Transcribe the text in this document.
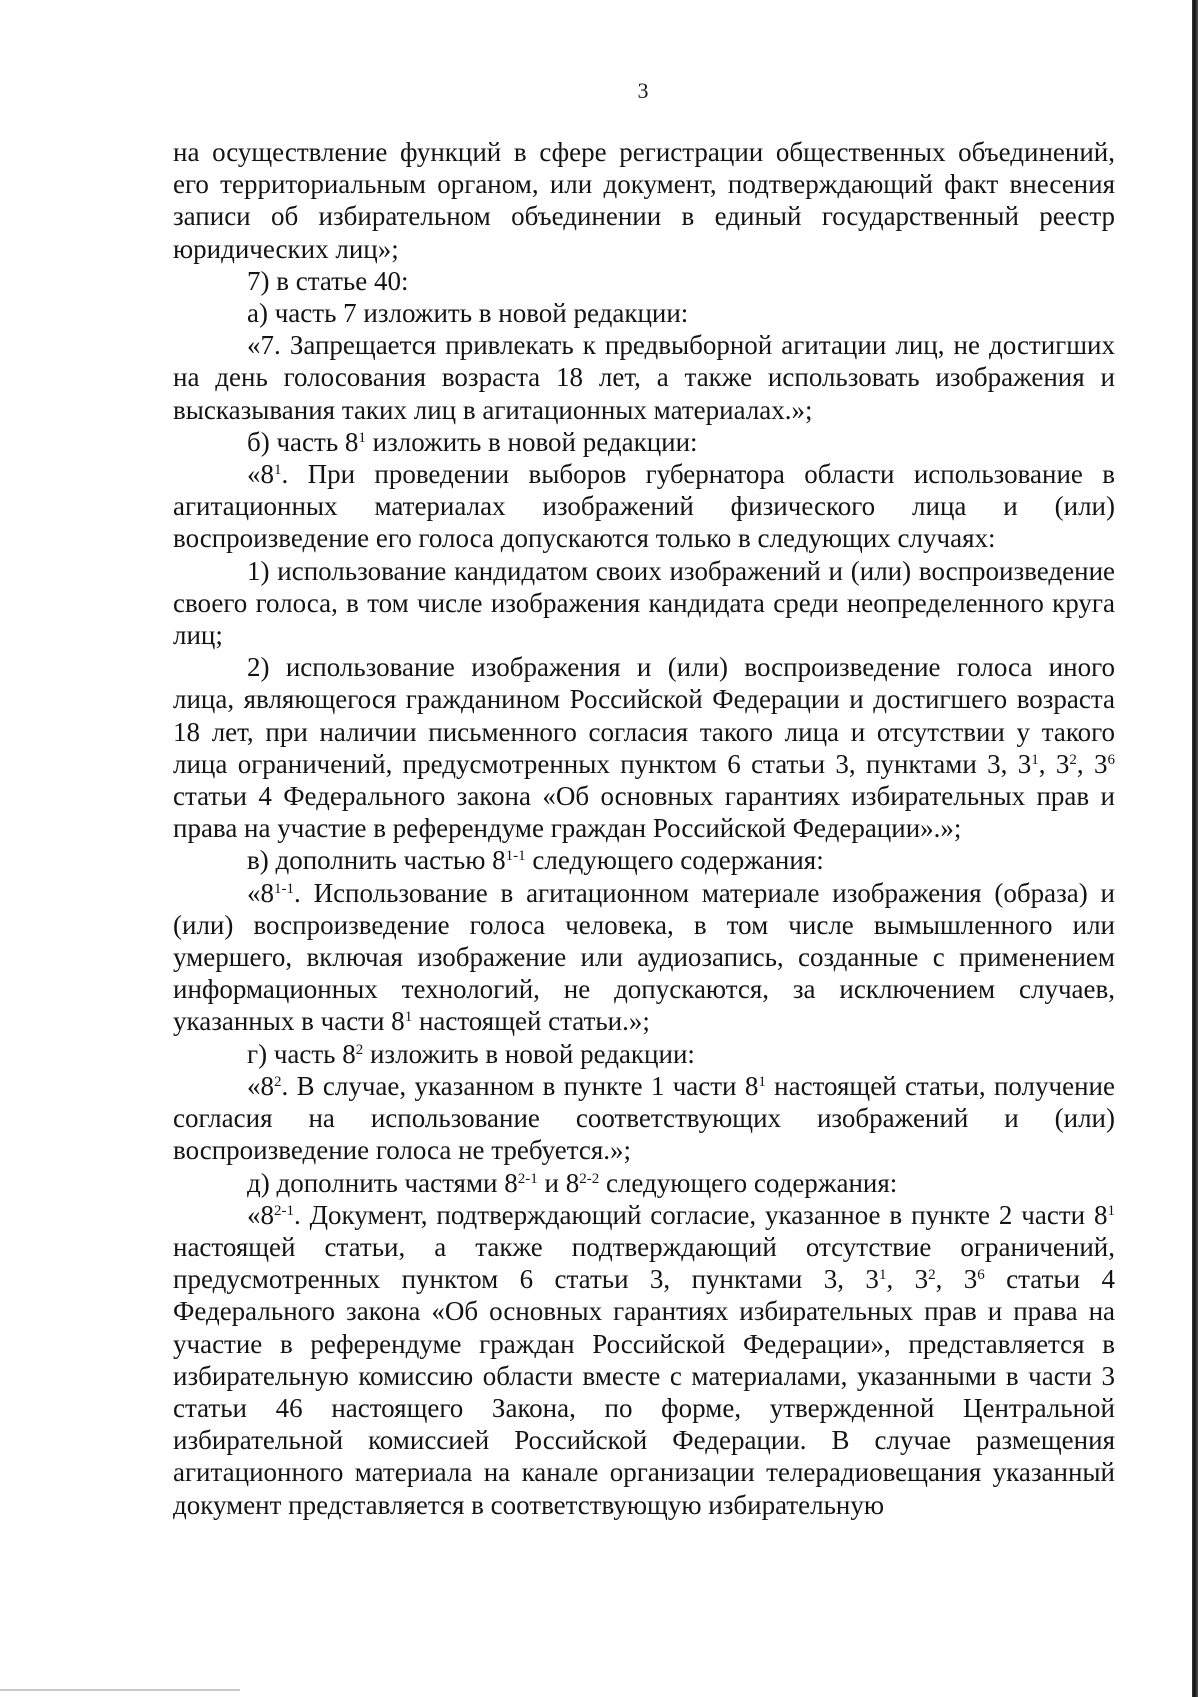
3

на осуществление функций в сфере регистрации общественных объединений, его территориальным органом, или документ, подтверждающий факт внесения записи об избирательном объединении в единый государственный реестр юридических лиц»;

7) в статье 40:

а) часть 7 изложить в новой редакции:

«7. Запрещается привлекать к предвыборной агитации лиц, не достигших на день голосования возраста 18 лет, а также использовать изображения и высказывания таких лиц в агитационных материалах.»;

б) часть $8^1$ изложить в новой редакции:

«$8^1$. При проведении выборов губернатора области использование в агитационных материалах изображений физического лица и (или) воспроизведение его голоса допускаются только в следующих случаях:

1) использование кандидатом своих изображений и (или) воспроизведение своего голоса, в том числе изображения кандидата среди неопределенного круга лиц;

2) использование изображения и (или) воспроизведение голоса иного лица, являющегося гражданином Российской Федерации и достигшего возраста 18 лет, при наличии письменного согласия такого лица и отсутствии у такого лица ограничений, предусмотренных пунктом 6 статьи 3, пунктами 3, $3^1$, $3^2$, $3^6$ статьи 4 Федерального закона «Об основных гарантиях избирательных прав и права на участие в референдуме граждан Российской Федерации».»;

в) дополнить частью 8$^{1-1}$ следующего содержания:

«8$^{1-1}$. Использование в агитационном материале изображения (образа) и (или) воспроизведение голоса человека, в том числе вымышленного или умершего, включая изображение или аудиозапись, созданные с применением информационных технологий, не допускаются, за исключением случаев, указанных в части $8^1$ настоящей статьи.»;

г) часть $8^2$ изложить в новой редакции:

«$8^2$. В случае, указанном в пункте 1 части $8^1$ настоящей статьи, получение согласия на использование соответствующих изображений и (или) воспроизведение голоса не требуется.»;

д) дополнить частями 8$^{2-1}$ и 8$^{2-2}$ следующего содержания:

«8$^{2-1}$. Документ, подтверждающий согласие, указанное в пункте 2 части $8^1$ настоящей статьи, а также подтверждающий отсутствие ограничений, предусмотренных пунктом 6 статьи 3, пунктами 3, $3^1$, $3^2$, $3^6$ статьи 4 Федерального закона «Об основных гарантиях избирательных прав и права на участие в референдуме граждан Российской Федерации», представляется в избирательную комиссию области вместе с материалами, указанными в части 3 статьи 46 настоящего Закона, по форме, утвержденной Центральной избирательной комиссией Российской Федерации. В случае размещения агитационного материала на канале организации телерадиовещания указанный документ представляется в соответствующую избирательную
